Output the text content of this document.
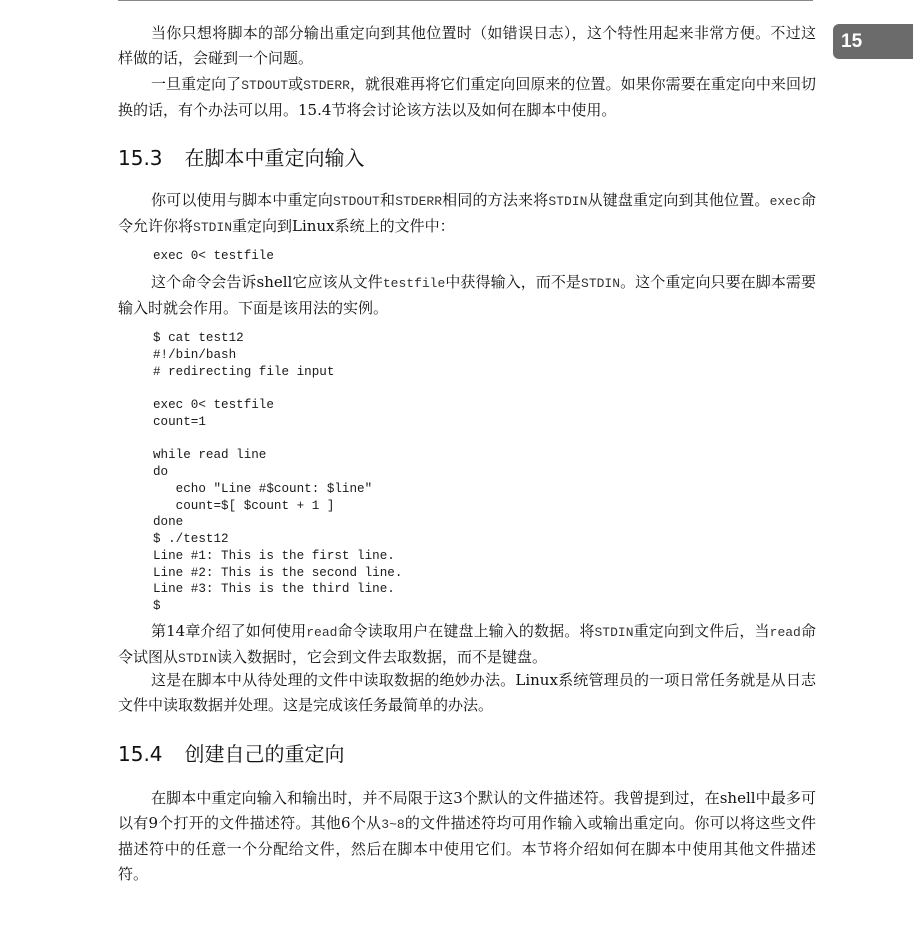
15

当你只想将脚本的部分输出重定向到其他位置时（如错误日志），这个特性用起来非常方便。不过这样做的话，会碰到一个问题。

一旦重定向了STDOUT或STDERR，就很难再将它们重定向回原来的位置。如果你需要在重定向中来回切换的话，有个办法可以用。15.4节将会讨论该方法以及如何在脚本中使用。

15.3 在脚本中重定向输入

你可以使用与脚本中重定向STDOUT和STDERR相同的方法来将STDIN从键盘重定向到其他位置。exec命令允许你将STDIN重定向到Linux系统上的文件中：

exec 0< testfile

这个命令会告诉shell它应该从文件testfile中获得输入，而不是STDIN。这个重定向只要在脚本需要输入时就会作用。下面是该用法的实例。

$ cat test12
#!/bin/bash
# redirecting file input
exec 0< testfile
count=1
while read line
do
echo "Line #$count: $line"
count=$[ $count + 1 ]
done
$ ./test12
Line #1: This is the first line.
Line #2: This is the second line.
Line #3: This is the third line.
$

第14章介绍了如何使用read命令读取用户在键盘上输入的数据。将STDIN重定向到文件后，当read命令试图从STDIN读入数据时，它会到文件去取数据，而不是键盘。

这是在脚本中从待处理的文件中读取数据的绝妙办法。Linux系统管理员的一项日常任务就是从日志文件中读取数据并处理。这是完成该任务最简单的办法。

15.4 创建自己的重定向

在脚本中重定向输入和输出时，并不局限于这3个默认的文件描述符。我曾提到过，在shell中最多可以有9个打开的文件描述符。其他6个从3~8的文件描述符均可用作输入或输出重定向。你可以将这些文件描述符中的任意一个分配给文件，然后在脚本中使用它们。本节将介绍如何在脚本中使用其他文件描述符。
